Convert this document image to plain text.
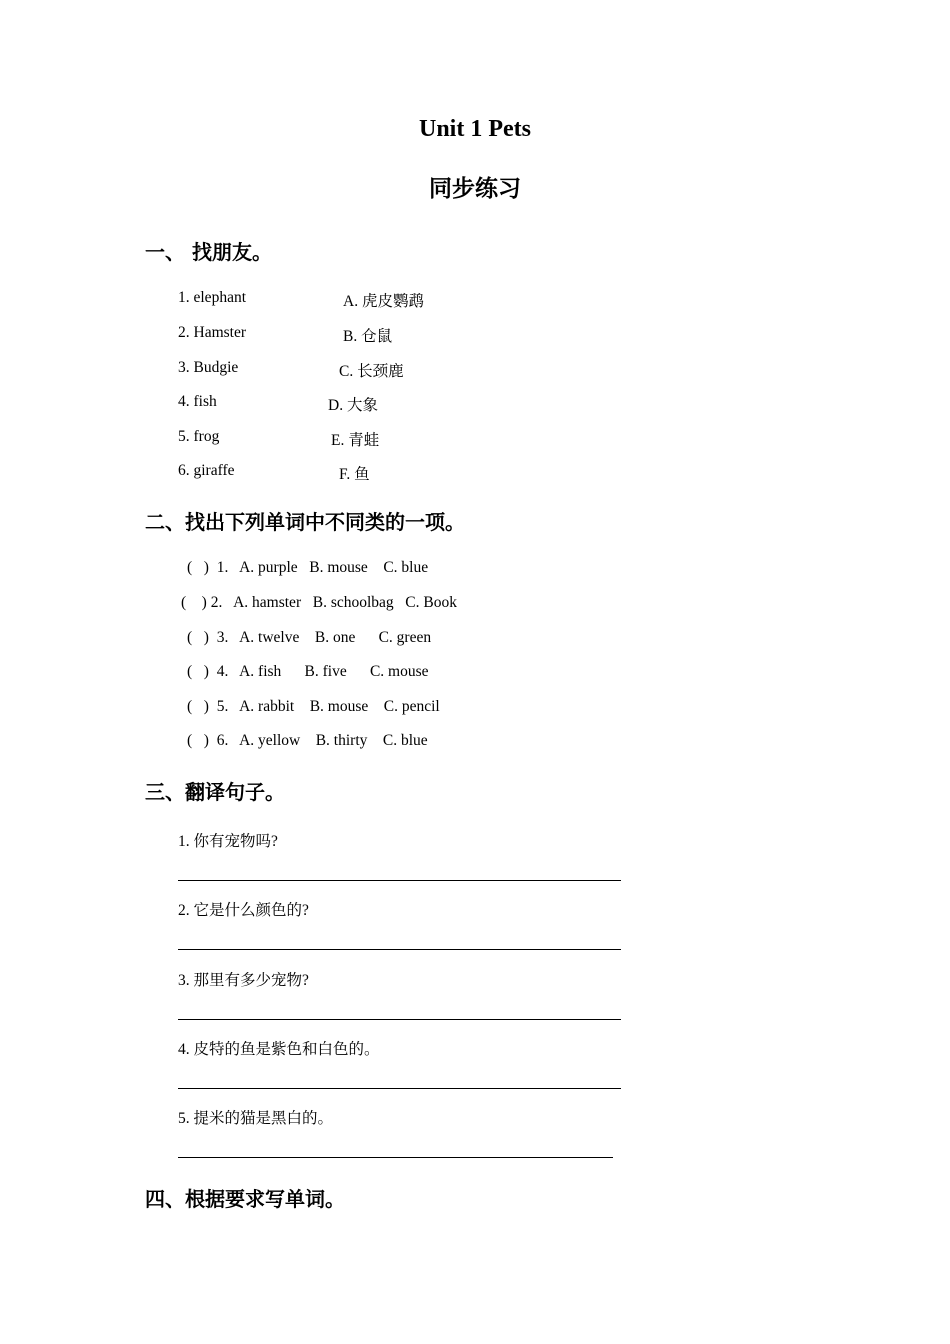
Unit 1 Pets
同步练习
一、 找朋友。
1. elephant
2. Hamster
3. Budgie
4. fish
5. frog
6. giraffe
A. 虎皮鹦鹉
B. 仓鼠
C. 长颈鹿
D. 大象
E. 青蛙
F. 鱼
二、找出下列单词中不同类的一项。
(   )  1.   A. purple   B. mouse    C. blue
(    ) 2.   A. hamster   B. schoolbag   C. Book
(   )  3.   A. twelve    B. one      C. green
(   )  4.   A. fish      B. five      C. mouse
(   )  5.   A. rabbit    B. mouse    C. pencil
(   )  6.   A. yellow    B. thirty    C. blue
三、翻译句子。
1. 你有宠物吗?
2. 它是什么颜色的?
3. 那里有多少宠物?
4. 皮特的鱼是紫色和白色的。
5. 提米的猫是黑白的。
四、根据要求写单词。
